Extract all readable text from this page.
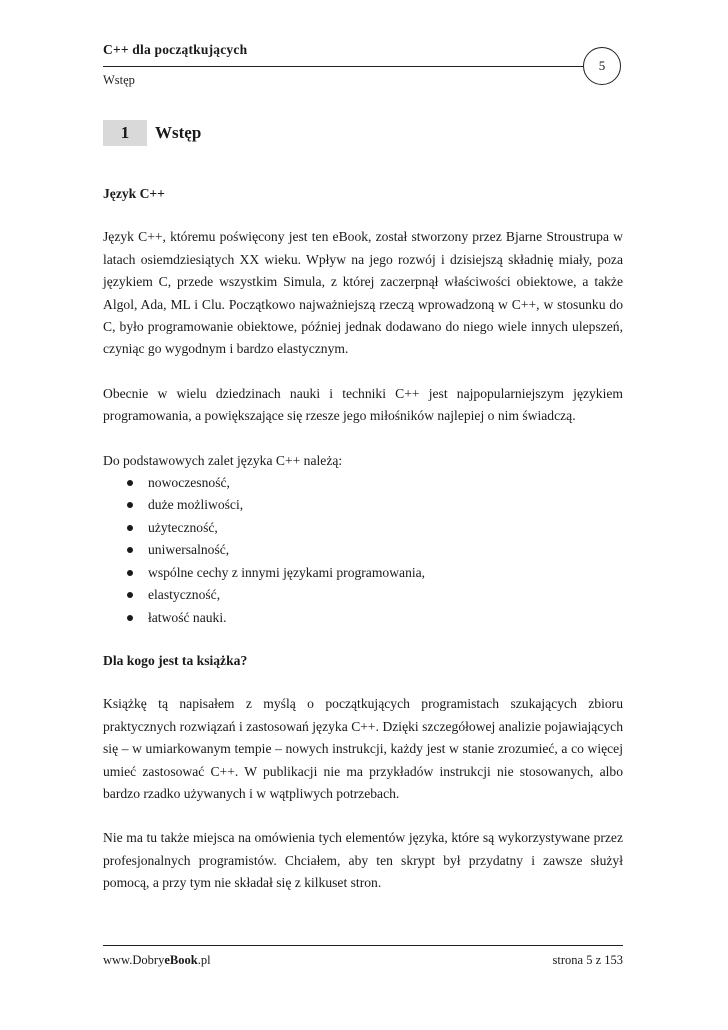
C++ dla początkujących
Wstęp
5
1	Wstęp
Język C++

Język C++, któremu poświęcony jest ten eBook, został stworzony przez Bjarne Stroustrupa w latach osiemdziesiątych XX wieku. Wpływ na jego rozwój i dzisiejszą składnię miały, poza językiem C, przede wszystkim Simula, z której zaczerpnął właściwości obiektowe, a także Algol, Ada, ML i Clu. Początkowo najważniejszą rzeczą wprowadzoną w C++, w stosunku do C, było programowanie obiektowe, później jednak dodawano do niego wiele innych ulepszeń, czyniąc go wygodnym i bardzo elastycznym.

Obecnie w wielu dziedzinach nauki i techniki C++ jest najpopularniejszym językiem programowania, a powiększające się rzesze jego miłośników najlepiej o nim świadczą.

Do podstawowych zalet języka C++ należą:

nowoczesność,
duże możliwości,
użyteczność,
uniwersalność,
wspólne cechy z innymi językami programowania,
elastyczność,
łatwość nauki.
Dla kogo jest ta książka?

Książkę tą napisałem z myślą o początkujących programistach szukających zbioru praktycznych rozwiązań i zastosowań języka C++. Dzięki szczegółowej analizie pojawiających się – w umiarkowanym tempie – nowych instrukcji, każdy jest w stanie zrozumieć, a co więcej umieć zastosować C++. W publikacji nie ma przykładów instrukcji nie stosowanych, albo bardzo rzadko używanych i w wątpliwych potrzebach.

Nie ma tu także miejsca na omówienia tych elementów języka, które są wykorzystywane przez profesjonalnych programistów. Chciałem, aby ten skrypt był przydatny i zawsze służył pomocą, a przy tym nie składał się z kilkuset stron.

www.DobryeBook.pl	strona 5 z 153
